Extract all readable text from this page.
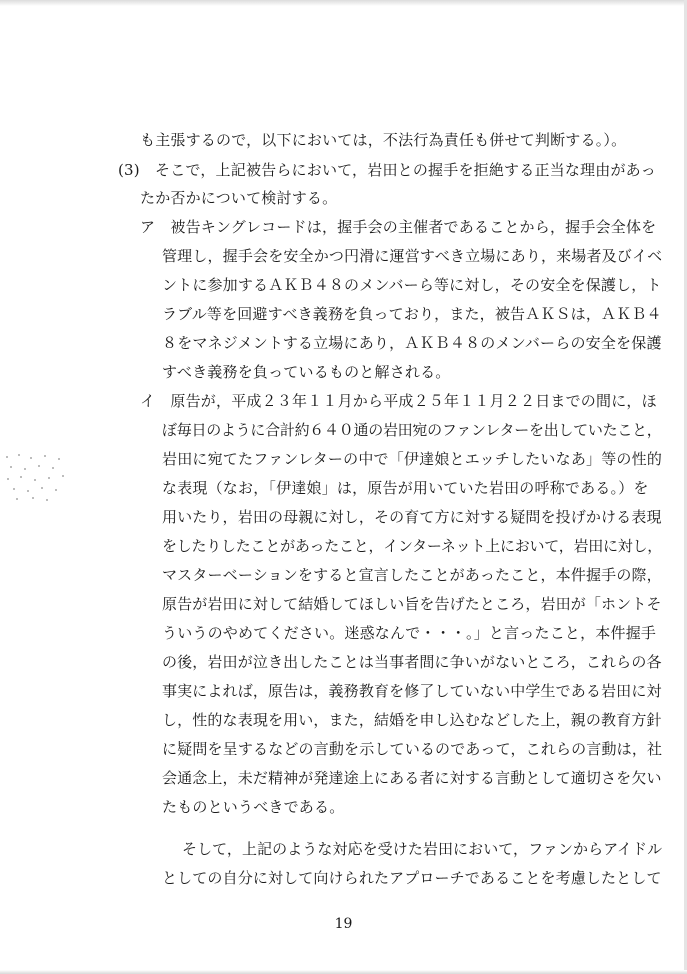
も主張するので，以下においては，不法行為責任も併せて判断する。）。
(3)　そこで，上記被告らにおいて，岩田との握手を拒絶する正当な理由があっ
たか否かについて検討する。
ア　被告キングレコードは，握手会の主催者であることから，握手会全体を
管理し，握手会を安全かつ円滑に運営すべき立場にあり，来場者及びイベ
ントに参加するＡＫＢ４８のメンバーら等に対し，その安全を保護し，ト
ラブル等を回避すべき義務を負っており，また，被告ＡＫＳは，ＡＫＢ４
８をマネジメントする立場にあり，ＡＫＢ４８のメンバーらの安全を保護
すべき義務を負っているものと解される。
イ　原告が，平成２３年１１月から平成２５年１１月２２日までの間に，ほ
ぼ毎日のように合計約６４０通の岩田宛のファンレターを出していたこと，
岩田に宛てたファンレターの中で「伊達娘とエッチしたいなあ」等の性的
な表現（なお，「伊達娘」は，原告が用いていた岩田の呼称である。）を
用いたり，岩田の母親に対し，その育て方に対する疑問を投げかける表現
をしたりしたことがあったこと，インターネット上において，岩田に対し，
マスターベーションをすると宣言したことがあったこと，本件握手の際，
原告が岩田に対して結婚してほしい旨を告げたところ，岩田が「ホントそ
ういうのやめてください。迷惑なんで・・・。」と言ったこと，本件握手
の後，岩田が泣き出したことは当事者間に争いがないところ，これらの各
事実によれば，原告は，義務教育を修了していない中学生である岩田に対
し，性的な表現を用い，また，結婚を申し込むなどした上，親の教育方針
に疑問を呈するなどの言動を示しているのであって，これらの言動は，社
会通念上，未だ精神が発達途上にある者に対する言動として適切さを欠い
たものというべきである。
そして，上記のような対応を受けた岩田において，ファンからアイドル
としての自分に対して向けられたアプローチであることを考慮したとして
19
